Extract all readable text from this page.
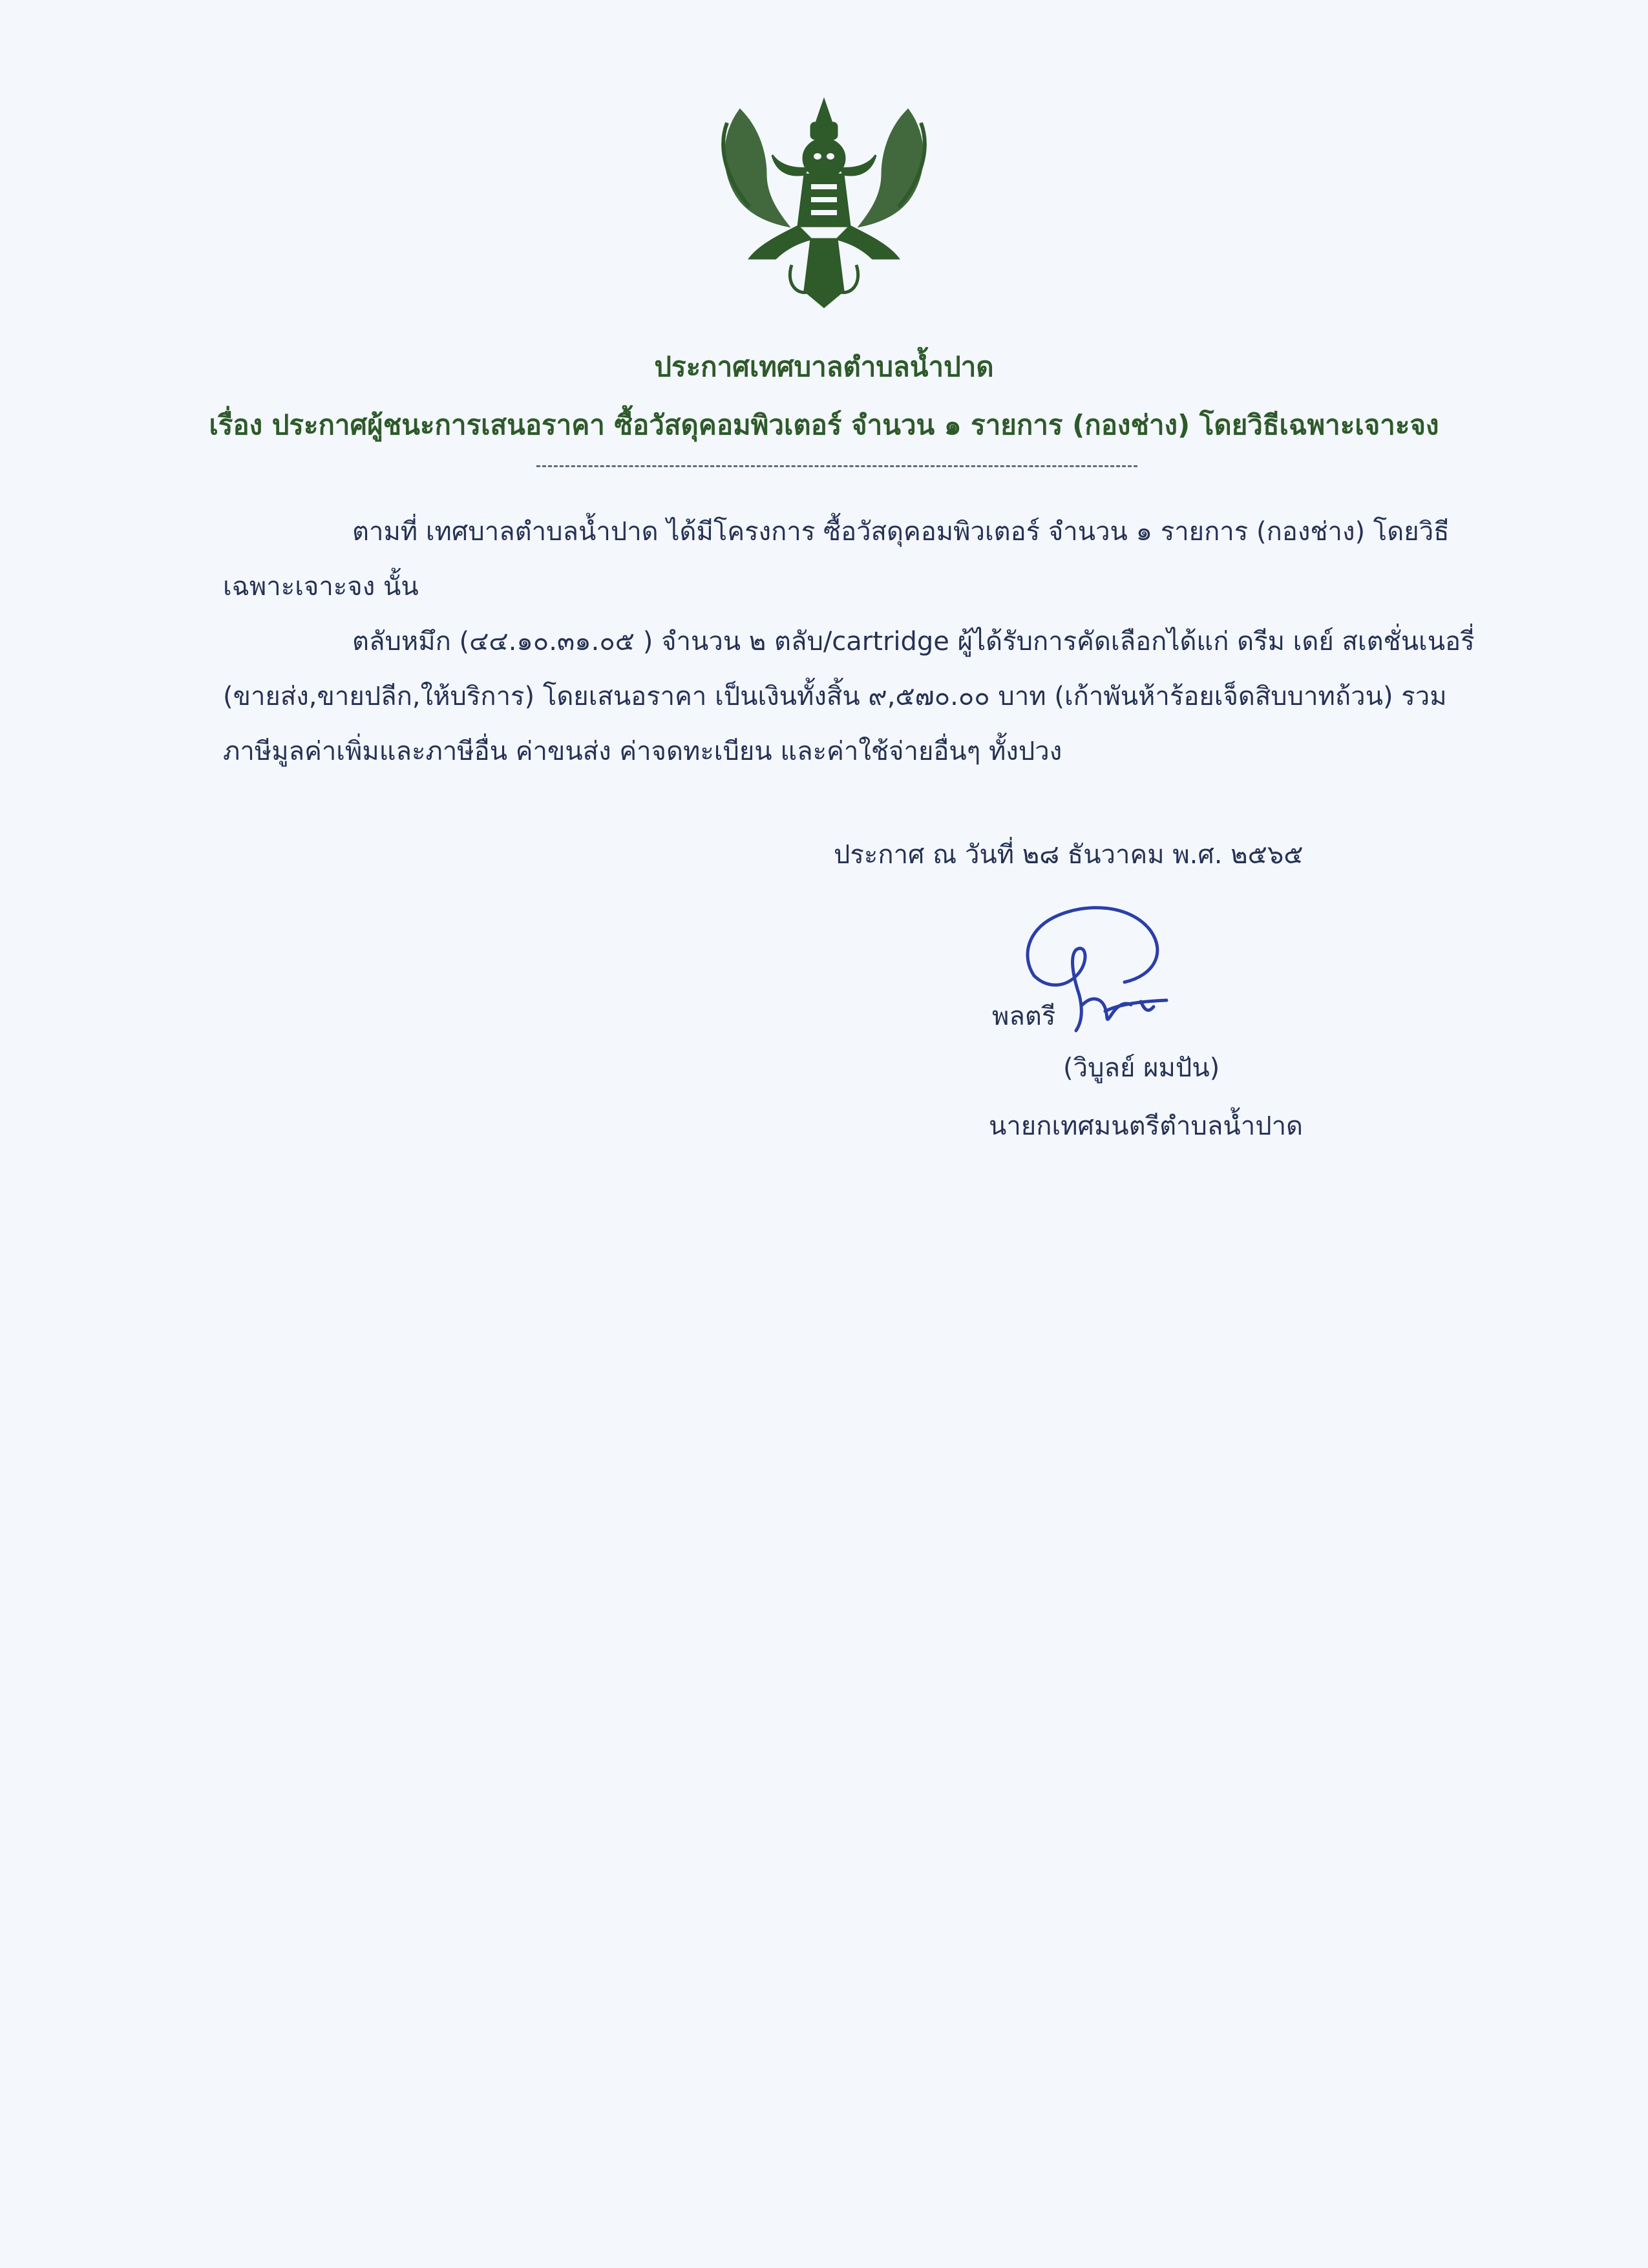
ประกาศเทศบาลตำบลน้ำปาด
เรื่อง ประกาศผู้ชนะการเสนอราคา ซื้อวัสดุคอมพิวเตอร์ จำนวน ๑ รายการ (กองช่าง) โดยวิธีเฉพาะเจาะจง
ตามที่ เทศบาลตำบลน้ำปาด ได้มีโครงการ ซื้อวัสดุคอมพิวเตอร์ จำนวน ๑ รายการ (กองช่าง) โดยวิธี
เฉพาะเจาะจง นั้น
ตลับหมึก (๔๔.๑๐.๓๑.๐๕ ) จำนวน ๒ ตลับ/cartridge ผู้ได้รับการคัดเลือกได้แก่ ดรีม เดย์ สเตชั่นเนอรี่
(ขายส่ง,ขายปลีก,ให้บริการ) โดยเสนอราคา เป็นเงินทั้งสิ้น ๙,๕๗๐.๐๐ บาท (เก้าพันห้าร้อยเจ็ดสิบบาทถ้วน) รวม
ภาษีมูลค่าเพิ่มและภาษีอื่น ค่าขนส่ง ค่าจดทะเบียน และค่าใช้จ่ายอื่นๆ ทั้งปวง
ประกาศ ณ วันที่ ๒๘ ธันวาคม พ.ศ. ๒๕๖๕
พลตรี
(วิบูลย์ ผมปัน)
นายกเทศมนตรีตำบลน้ำปาด
